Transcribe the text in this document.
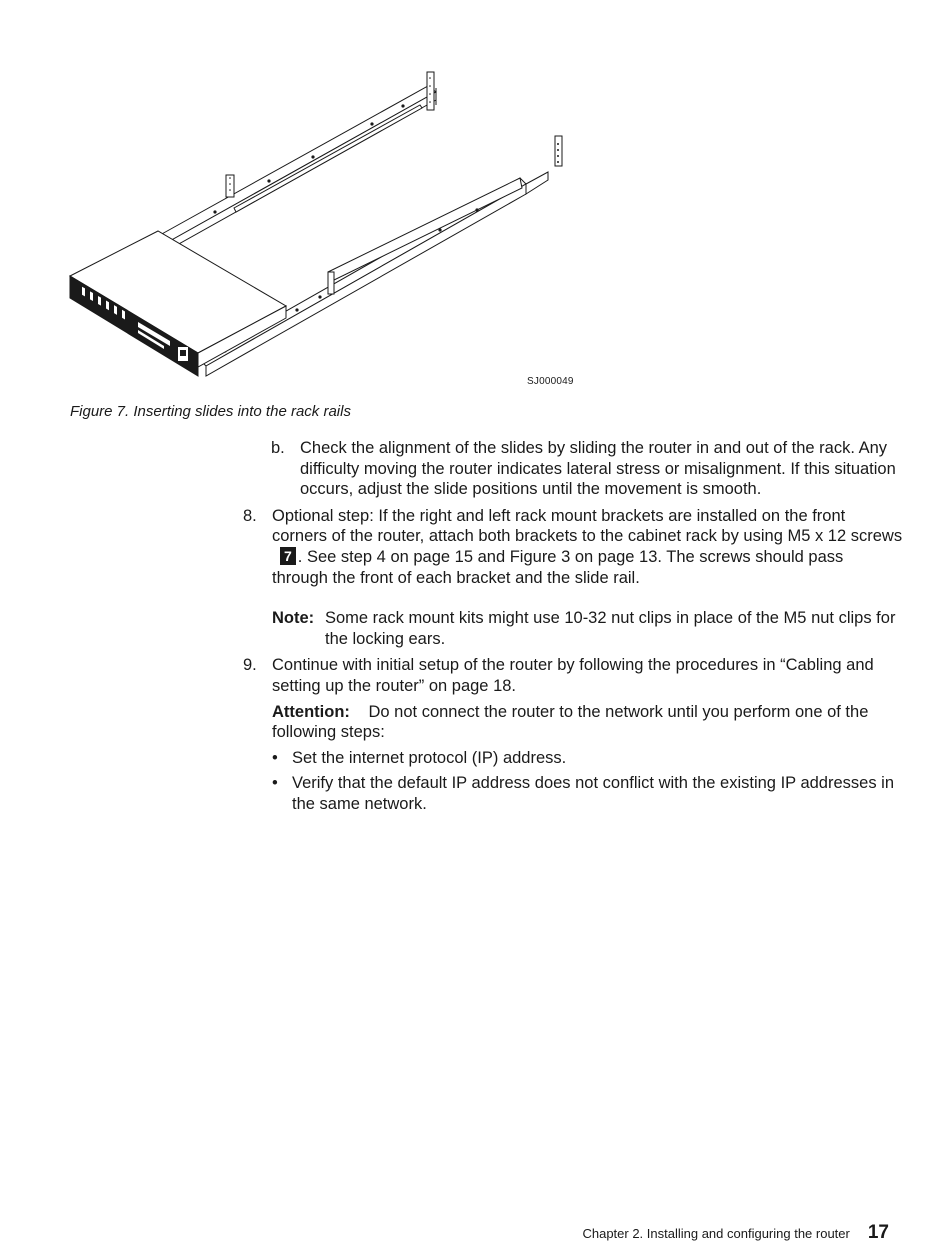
SJ000049
Figure 7. Inserting slides into the rack rails
b. Check the alignment of the slides by sliding the router in and out of the rack. Any difficulty moving the router indicates lateral stress or misalignment. If this situation occurs, adjust the slide positions until the movement is smooth.
8. Optional step: If the right and left rack mount brackets are installed on the front corners of the router, attach both brackets to the cabinet rack by using M5 x 12 screws7 . See step 4 on page 15 and Figure 3 on page 13. The screws should pass through the front of each bracket and the slide rail.
Note: Some rack mount kits might use 10-32 nut clips in place of the M5 nut clips for the locking ears.
9. Continue with initial setup of the router by following the procedures in “Cabling and setting up the router” on page 18.
Attention: Do not connect the router to the network until you perform one of the following steps:
• Set the internet protocol (IP) address.
• Verify that the default IP address does not conflict with the existing IP addresses in the same network.
Chapter 2. Installing and configuring the router 17
